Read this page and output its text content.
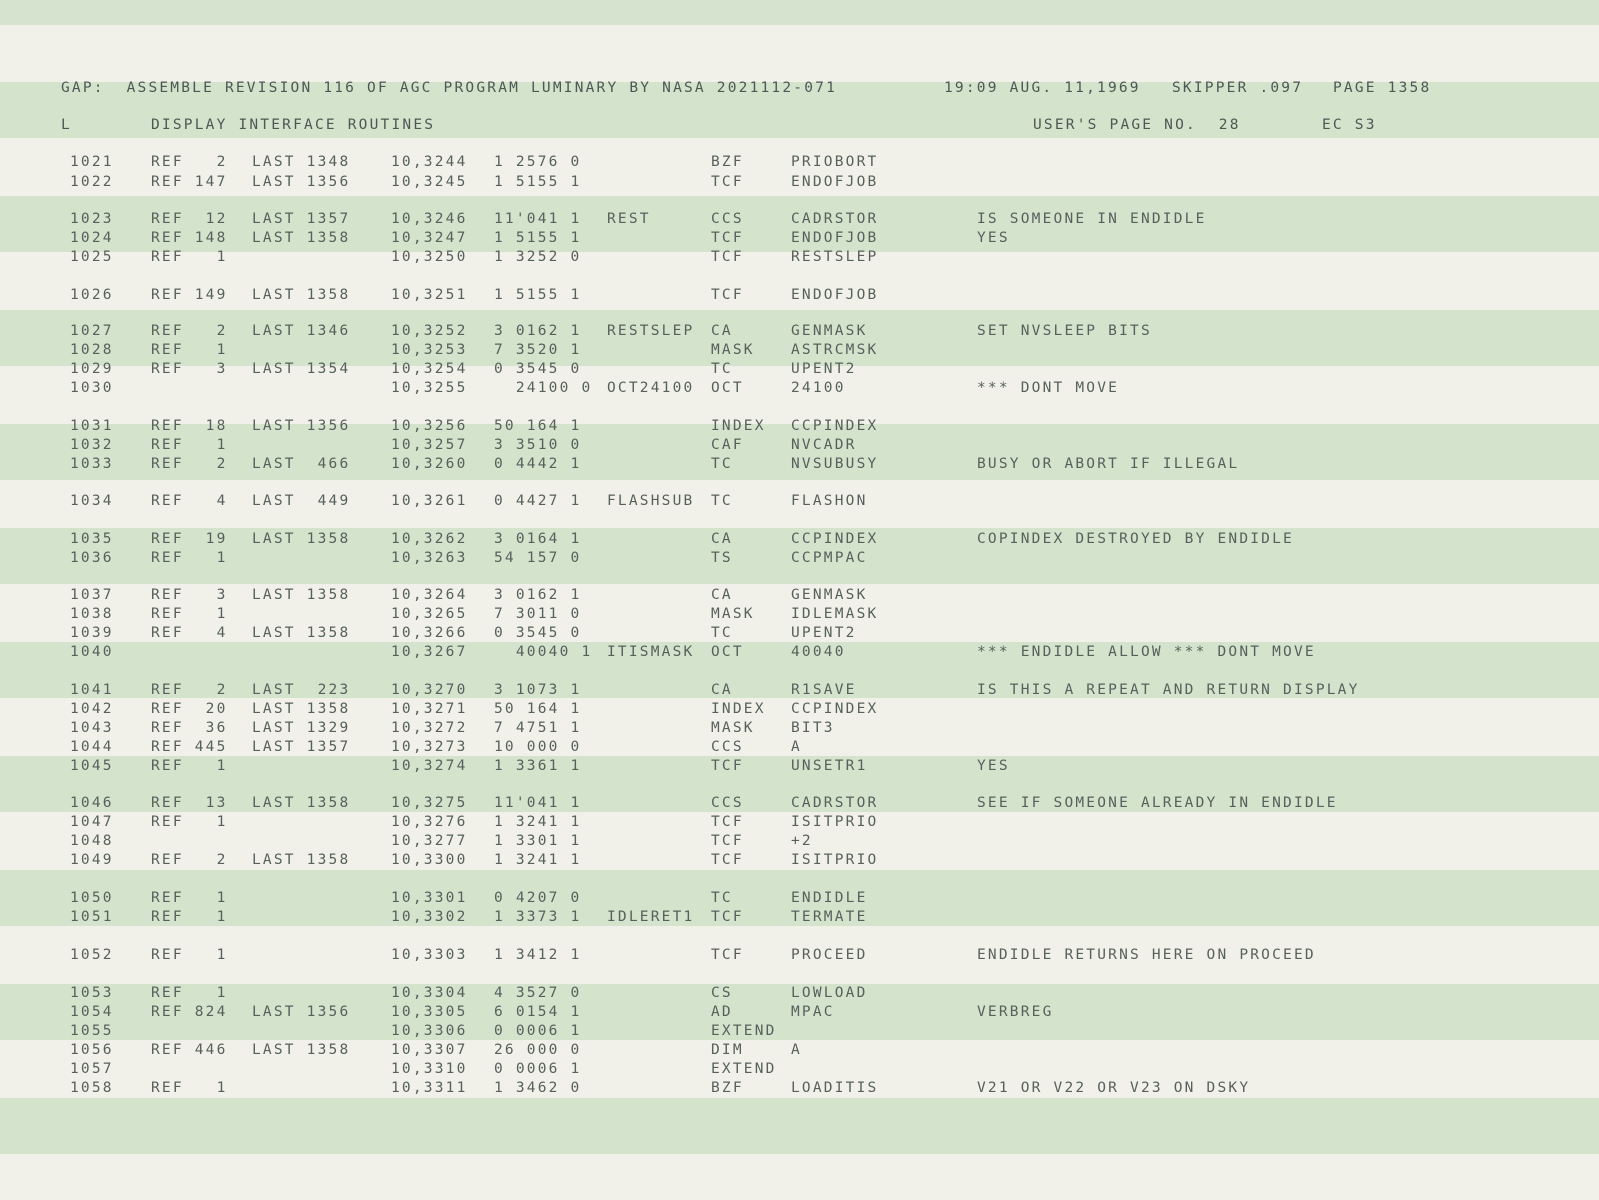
GAP:  ASSEMBLE REVISION 116 OF AGC PROGRAM LUMINARY BY NASA 2021112-071	19:09 AUG. 11,1969 SKIPPER .097 PAGE 1358
L	DISPLAY INTERFACE ROUTINES	USER'S PAGE NO.  28	EC S3
1021	REF   2 LAST 1348	10,3244 1 2576 0	BZF	PRIOBORT
1022	REF 147 LAST 1356	10,3245 1 5155 1	TCF	ENDOFJOB
1023	REF  12 LAST 1357	10,3246 11'041 1 REST	CCS	CADRSTOR	IS SOMEONE IN ENDIDLE
1024	REF 148 LAST 1358	10,3247 1 5155 1	TCF	ENDOFJOB	YES
1025	REF   1	10,3250 1 3252 0	TCF	RESTSLEP
1026	REF 149 LAST 1358	10,3251 1 5155 1	TCF	ENDOFJOB
1027	REF   2 LAST 1346	10,3252 3 0162 1 RESTSLEP CA	GENMASK	SET NVSLEEP BITS
1028	REF   1	10,3253 7 3520 1	MASK	ASTRCMSK
1029	REF   3 LAST 1354	10,3254 0 3545 0	TC	UPENT2
1030	10,3255 24100 0 OCT24100 OCT	24100	*** DONT MOVE
1031	REF  18 LAST 1356	10,3256 50 164 1	INDEX CCPINDEX
1032	REF   1	10,3257 3 3510 0	CAF	NVCADR
1033	REF   2 LAST  466	10,3260 0 4442 1	TC	NVSUBUSY	BUSY OR ABORT IF ILLEGAL
1034	REF   4 LAST  449	10,3261 0 4427 1 FLASHSUB TC	FLASHON
1035	REF  19 LAST 1358	10,3262 3 0164 1	CA	CCPINDEX	COPINDEX DESTROYED BY ENDIDLE
1036	REF   1	10,3263 54 157 0	TS	CCPMPAC
1037	REF   3 LAST 1358	10,3264 3 0162 1	CA	GENMASK
1038	REF   1	10,3265 7 3011 0	MASK	IDLEMASK
1039	REF   4 LAST 1358	10,3266 0 3545 0	TC	UPENT2
1040	10,3267 40040 1 ITISMASK OCT	40040	*** ENDIDLE ALLOW *** DONT MOVE
1041	REF   2 LAST  223	10,3270 3 1073 1	CA	R1SAVE	IS THIS A REPEAT AND RETURN DISPLAY
1042	REF  20 LAST 1358	10,3271 50 164 1	INDEX CCPINDEX
1043	REF  36 LAST 1329	10,3272 7 4751 1	MASK	BIT3
1044	REF 445 LAST 1357	10,3273 10 000 0	CCS	A
1045	REF   1	10,3274 1 3361 1	TCF	UNSETR1	YES
1046	REF  13 LAST 1358	10,3275 11'041 1	CCS	CADRSTOR	SEE IF SOMEONE ALREADY IN ENDIDLE
1047	REF   1	10,3276 1 3241 1	TCF	ISITPRIO
1048	10,3277 1 3301 1	TCF	+2
1049	REF   2 LAST 1358	10,3300 1 3241 1	TCF	ISITPRIO
1050	REF   1	10,3301 0 4207 0	TC	ENDIDLE
1051	REF   1	10,3302 1 3373 1 IDLERET1 TCF	TERMATE
1052	REF   1	10,3303 1 3412 1	TCF	PROCEED	ENDIDLE RETURNS HERE ON PROCEED
1053	REF   1	10,3304 4 3527 0	CS	LOWLOAD
1054	REF 824 LAST 1356	10,3305 6 0154 1	AD	MPAC	VERBREG
1055	10,3306 0 0006 1	EXTEND
1056	REF 446 LAST 1358	10,3307 26 000 0	DIM	A
1057	10,3310 0 0006 1	EXTEND
1058	REF   1	10,3311 1 3462 0	BZF	LOADITIS	V21 OR V22 OR V23 ON DSKY
